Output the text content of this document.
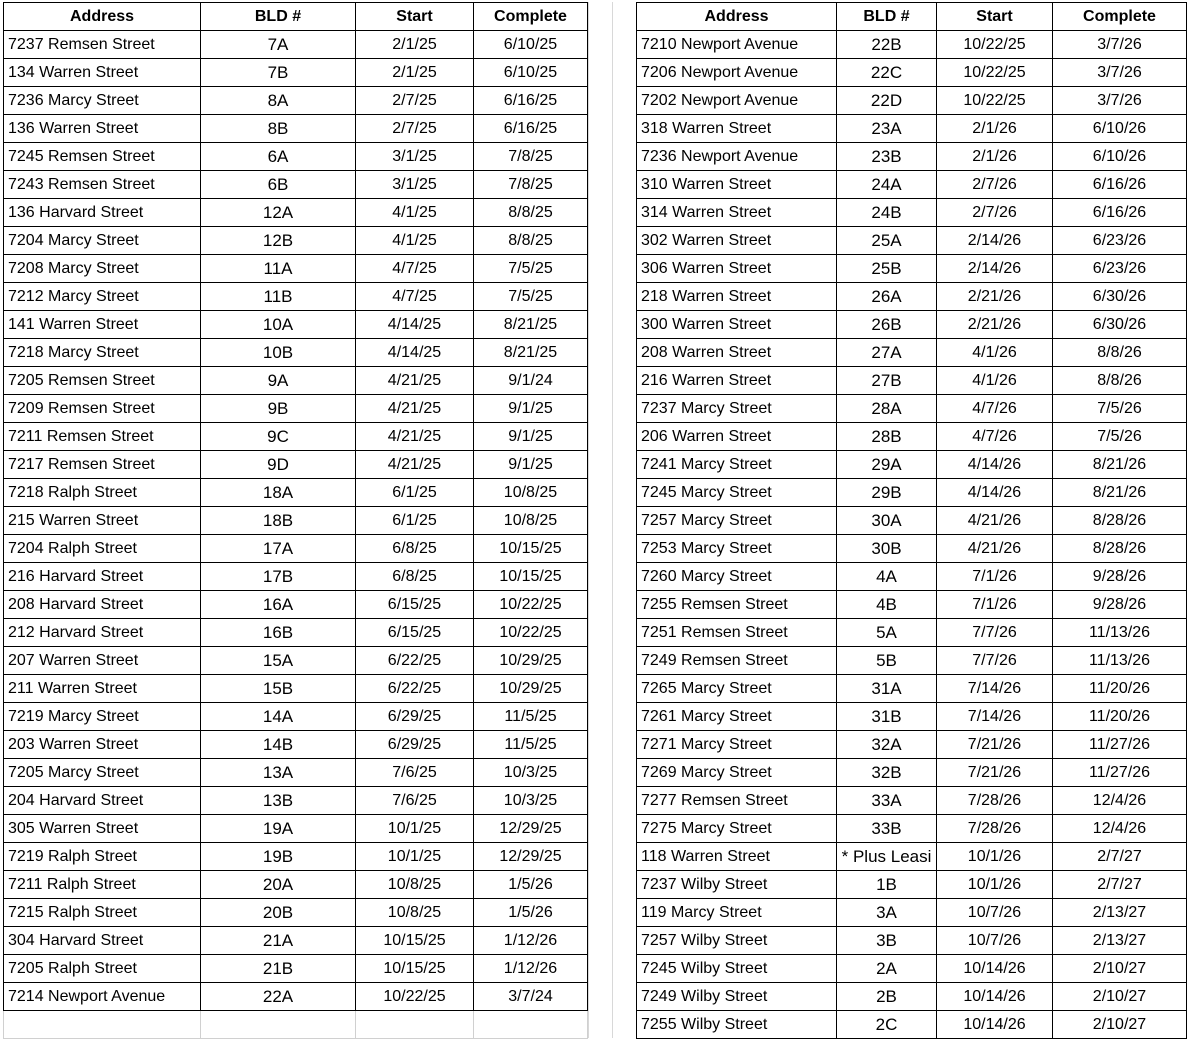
Address	BLD #	Start	Complete
7237 Remsen Street	7A	2/1/25	6/10/25
134 Warren Street	7B	2/1/25	6/10/25
7236 Marcy Street	8A	2/7/25	6/16/25
136 Warren Street	8B	2/7/25	6/16/25
7245 Remsen Street	6A	3/1/25	7/8/25
7243 Remsen Street	6B	3/1/25	7/8/25
136 Harvard Street	12A	4/1/25	8/8/25
7204 Marcy Street	12B	4/1/25	8/8/25
7208 Marcy Street	11A	4/7/25	7/5/25
7212 Marcy Street	11B	4/7/25	7/5/25
141 Warren Street	10A	4/14/25	8/21/25
7218 Marcy Street	10B	4/14/25	8/21/25
7205 Remsen Street	9A	4/21/25	9/1/24
7209 Remsen Street	9B	4/21/25	9/1/25
7211 Remsen Street	9C	4/21/25	9/1/25
7217 Remsen Street	9D	4/21/25	9/1/25
7218 Ralph Street	18A	6/1/25	10/8/25
215 Warren Street	18B	6/1/25	10/8/25
7204 Ralph Street	17A	6/8/25	10/15/25
216 Harvard Street	17B	6/8/25	10/15/25
208 Harvard Street	16A	6/15/25	10/22/25
212 Harvard Street	16B	6/15/25	10/22/25
207 Warren Street	15A	6/22/25	10/29/25
211 Warren Street	15B	6/22/25	10/29/25
7219 Marcy Street	14A	6/29/25	11/5/25
203 Warren Street	14B	6/29/25	11/5/25
7205 Marcy Street	13A	7/6/25	10/3/25
204 Harvard Street	13B	7/6/25	10/3/25
305 Warren Street	19A	10/1/25	12/29/25
7219 Ralph Street	19B	10/1/25	12/29/25
7211 Ralph Street	20A	10/8/25	1/5/26
7215 Ralph Street	20B	10/8/25	1/5/26
304 Harvard Street	21A	10/15/25	1/12/26
7205 Ralph Street	21B	10/15/25	1/12/26
7214 Newport Avenue	22A	10/22/25	3/7/24

Address	BLD #	Start	Complete
7210 Newport Avenue	22B	10/22/25	3/7/26
7206 Newport Avenue	22C	10/22/25	3/7/26
7202 Newport Avenue	22D	10/22/25	3/7/26
318 Warren Street	23A	2/1/26	6/10/26
7236 Newport Avenue	23B	2/1/26	6/10/26
310 Warren Street	24A	2/7/26	6/16/26
314 Warren Street	24B	2/7/26	6/16/26
302 Warren Street	25A	2/14/26	6/23/26
306 Warren Street	25B	2/14/26	6/23/26
218 Warren Street	26A	2/21/26	6/30/26
300 Warren Street	26B	2/21/26	6/30/26
208 Warren Street	27A	4/1/26	8/8/26
216 Warren Street	27B	4/1/26	8/8/26
7237 Marcy Street	28A	4/7/26	7/5/26
206 Warren Street	28B	4/7/26	7/5/26
7241 Marcy Street	29A	4/14/26	8/21/26
7245 Marcy Street	29B	4/14/26	8/21/26
7257 Marcy Street	30A	4/21/26	8/28/26
7253 Marcy Street	30B	4/21/26	8/28/26
7260 Marcy Street	4A	7/1/26	9/28/26
7255 Remsen Street	4B	7/1/26	9/28/26
7251 Remsen Street	5A	7/7/26	11/13/26
7249 Remsen Street	5B	7/7/26	11/13/26
7265 Marcy Street	31A	7/14/26	11/20/26
7261 Marcy Street	31B	7/14/26	11/20/26
7271 Marcy Street	32A	7/21/26	11/27/26
7269 Marcy Street	32B	7/21/26	11/27/26
7277 Remsen Street	33A	7/28/26	12/4/26
7275 Marcy Street	33B	7/28/26	12/4/26
118 Warren Street	* Plus Leasi	10/1/26	2/7/27
7237 Wilby Street	1B	10/1/26	2/7/27
119 Marcy Street	3A	10/7/26	2/13/27
7257 Wilby Street	3B	10/7/26	2/13/27
7245 Wilby Street	2A	10/14/26	2/10/27
7249 Wilby Street	2B	10/14/26	2/10/27
7255 Wilby Street	2C	10/14/26	2/10/27
